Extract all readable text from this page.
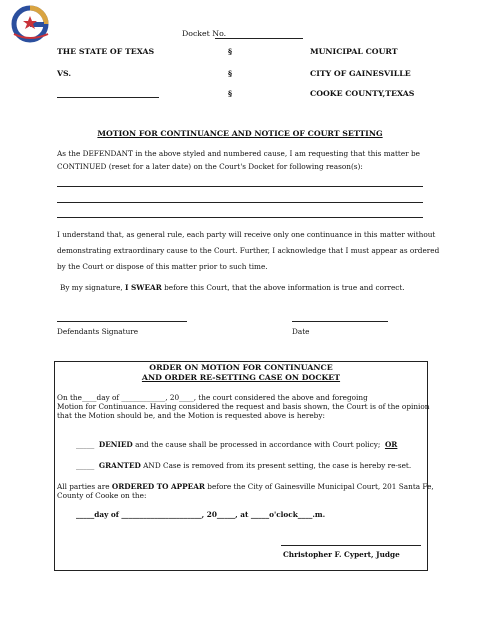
Docket No.
THE STATE OF TEXAS
VS.
§
§
§
MUNICIPAL COURT
CITY OF GAINESVILLE
COOKE COUNTY,TEXAS
MOTION FOR CONTINUANCE AND NOTICE OF COURT SETTING
As the DEFENDANT in the above styled and numbered cause, I am requesting that this matter be
CONTINUED (reset for a later date) on the Court's Docket for following reason(s):
I understand that, as general rule, each party will receive only one continuance in this matter without
demonstrating extraordinary cause to the Court. Further, I acknowledge that I must appear as ordered
by the Court or dispose of this matter prior to such time.
By my signature, I SWEAR before this Court, that the above information is true and correct.
Defendants Signature	Date
ORDER ON MOTION FOR CONTINUANCE
AND ORDER RE-SETTING CASE ON DOCKET
On the____day of ____________, 20____, the court considered the above and foregoing
Motion for Continuance. Having considered the request and basis shown, the Court is of the opinion
that the Motion should be, and the Motion is requested above is hereby:
_____ DENIED and the cause shall be processed in accordance with Court policy; OR
_____ GRANTED AND Case is removed from its present setting, the case is hereby re-set.
All parties are ORDERED TO APPEAR before the City of Gainesville Municipal Court, 201 Santa Fe,
County of Cooke on the:
_____day of ______________________, 20_____, at _____o'clock____.m.
Christopher F. Cypert, Judge
